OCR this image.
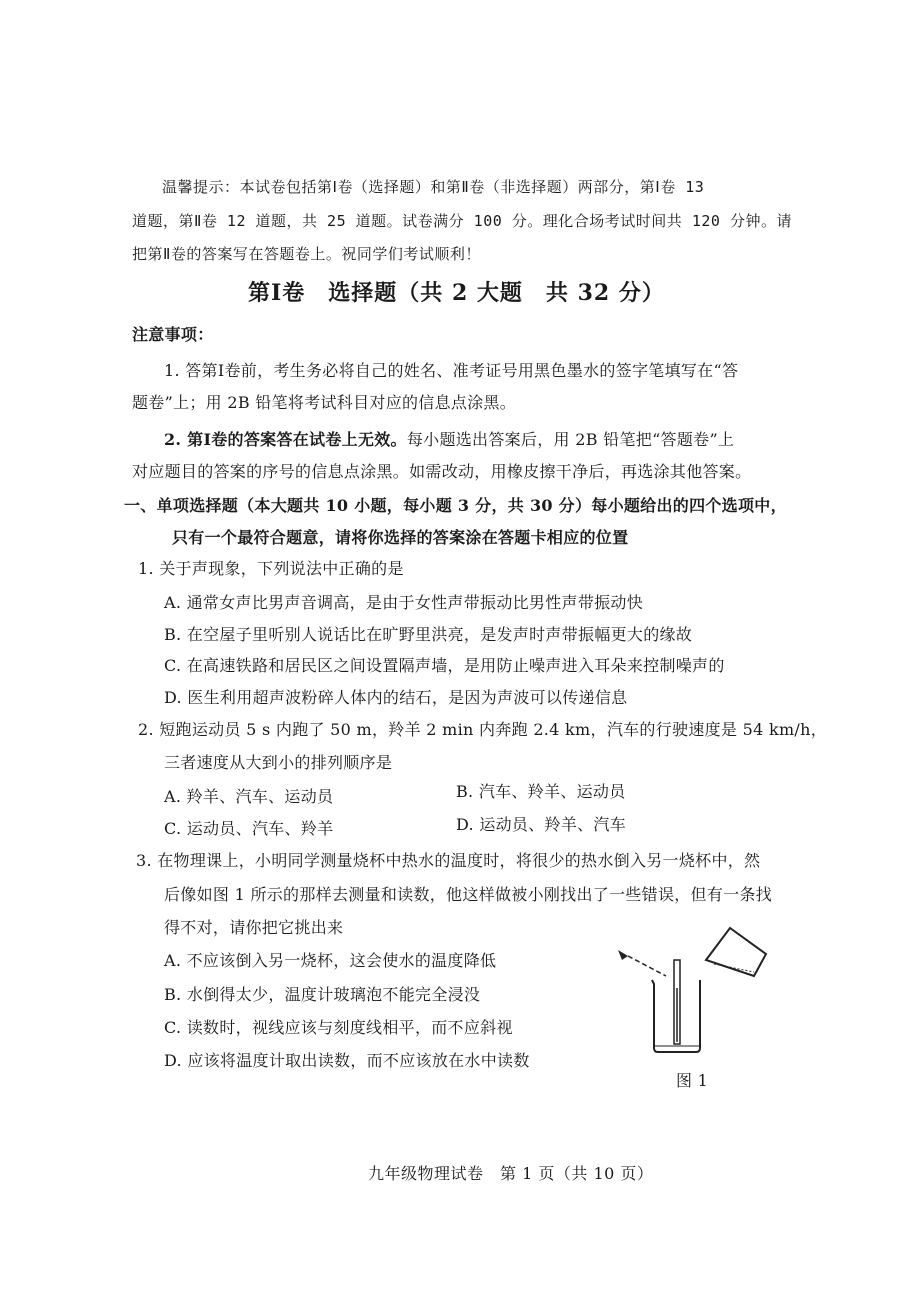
温馨提示：本试卷包括第Ⅰ卷（选择题）和第Ⅱ卷（非选择题）两部分，第Ⅰ卷 13
道题，第Ⅱ卷 12 道题，共 25 道题。试卷满分 100 分。理化合场考试时间共 120 分钟。请
把第Ⅱ卷的答案写在答题卷上。祝同学们考试顺利！
第Ⅰ卷　选择题（共 2 大题　共 32 分）
注意事项：
1. 答第Ⅰ卷前，考生务必将自己的姓名、准考证号用黑色墨水的签字笔填写在“答
题卷”上；用 2B 铅笔将考试科目对应的信息点涂黑。
2. 第Ⅰ卷的答案答在试卷上无效。每小题选出答案后，用 2B 铅笔把“答题卷”上
对应题目的答案的序号的信息点涂黑。如需改动，用橡皮擦干净后，再选涂其他答案。
一、单项选择题（本大题共 10 小题，每小题 3 分，共 30 分）每小题给出的四个选项中，
只有一个最符合题意，请将你选择的答案涂在答题卡相应的位置
1. 关于声现象，下列说法中正确的是
A. 通常女声比男声音调高，是由于女性声带振动比男性声带振动快
B. 在空屋子里听别人说话比在旷野里洪亮，是发声时声带振幅更大的缘故
C. 在高速铁路和居民区之间设置隔声墙，是用防止噪声进入耳朵来控制噪声的
D. 医生利用超声波粉碎人体内的结石，是因为声波可以传递信息
2. 短跑运动员 5 s 内跑了 50 m，羚羊 2 min 内奔跑 2.4 km，汽车的行驶速度是 54 km/h，
三者速度从大到小的排列顺序是
A. 羚羊、汽车、运动员	B. 汽车、羚羊、运动员
C. 运动员、汽车、羚羊	D. 运动员、羚羊、汽车
3. 在物理课上，小明同学测量烧杯中热水的温度时，将很少的热水倒入另一烧杯中，然
后像如图 1 所示的那样去测量和读数，他这样做被小刚找出了一些错误，但有一条找
得不对，请你把它挑出来
A. 不应该倒入另一烧杯，这会使水的温度降低
B. 水倒得太少，温度计玻璃泡不能完全浸没
C. 读数时，视线应该与刻度线相平，而不应斜视
D. 应该将温度计取出读数，而不应该放在水中读数
图 1
九年级物理试卷　第 1 页（共 10 页）
